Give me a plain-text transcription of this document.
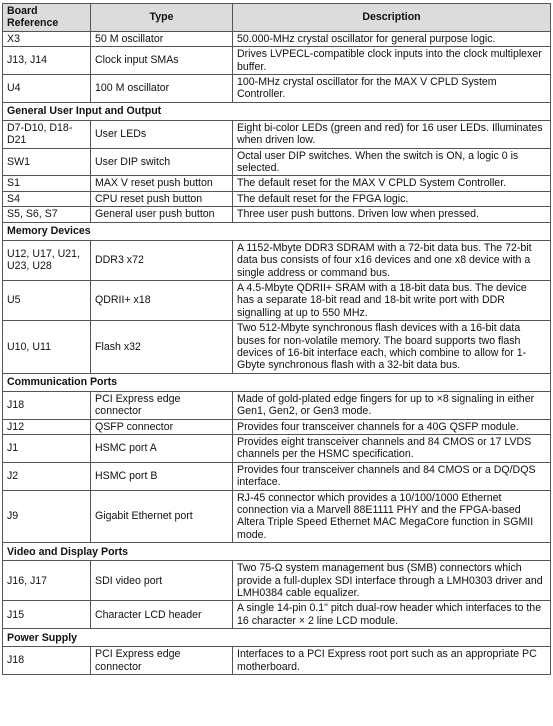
Board Reference	Type	Description
X3	50 M oscillator	50.000-MHz crystal oscillator for general purpose logic.
J13, J14	Clock input SMAs	Drives LVPECL-compatible clock inputs into the clock multiplexer buffer.
U4	100 M oscillator	100-MHz crystal oscillator for the MAX V CPLD System Controller.
General User Input and Output		
D7-D10, D18-D21	User LEDs	Eight bi-color LEDs (green and red) for 16 user LEDs. Illuminates when driven low.
SW1	User DIP switch	Octal user DIP switches. When the switch is ON, a logic 0 is selected.
S1	MAX V reset push button	The default reset for the MAX V CPLD System Controller.
S4	CPU reset push button	The default reset for the FPGA logic.
S5, S6, S7	General user push button	Three user push buttons. Driven low when pressed.
Memory Devices		
U12, U17, U21, U23, U28	DDR3 x72	A 1152-Mbyte DDR3 SDRAM with a 72-bit data bus. The 72-bit data bus consists of four x16 devices and one x8 device with a single address or command bus.
U5	QDRII+ x18	A 4.5-Mbyte QDRII+ SRAM with a 18-bit data bus. The device has a separate 18-bit read and 18-bit write port with DDR signalling at up to 550 MHz.
U10, U11	Flash x32	Two 512-Mbyte synchronous flash devices with a 16-bit data buses for non-volatile memory. The board supports two flash devices of 16-bit interface each, which combine to allow for 1-Gbyte synchronous flash with a 32-bit data bus.
Communication Ports		
J18	PCI Express edge connector	Made of gold-plated edge fingers for up to ×8 signaling in either Gen1, Gen2, or Gen3 mode.
J12	QSFP connector	Provides four transceiver channels for a 40G QSFP module.
J1	HSMC port A	Provides eight transceiver channels and 84 CMOS or 17 LVDS channels per the HSMC specification.
J2	HSMC port B	Provides four transceiver channels and 84 CMOS or a DQ/DQS interface.
J9	Gigabit Ethernet port	RJ-45 connector which provides a 10/100/1000 Ethernet connection via a Marvell 88E1111 PHY and the FPGA-based Altera Triple Speed Ethernet MAC MegaCore function in SGMII mode.
Video and Display Ports		
J16, J17	SDI video port	Two 75-Ω system management bus (SMB) connectors which provide a full-duplex SDI interface through a LMH0303 driver and LMH0384 cable equalizer.
J15	Character LCD header	A single 14-pin 0.1" pitch dual-row header which interfaces to the 16 character × 2 line LCD module.
Power Supply		
J18	PCI Express edge connector	Interfaces to a PCI Express root port such as an appropriate PC motherboard.
